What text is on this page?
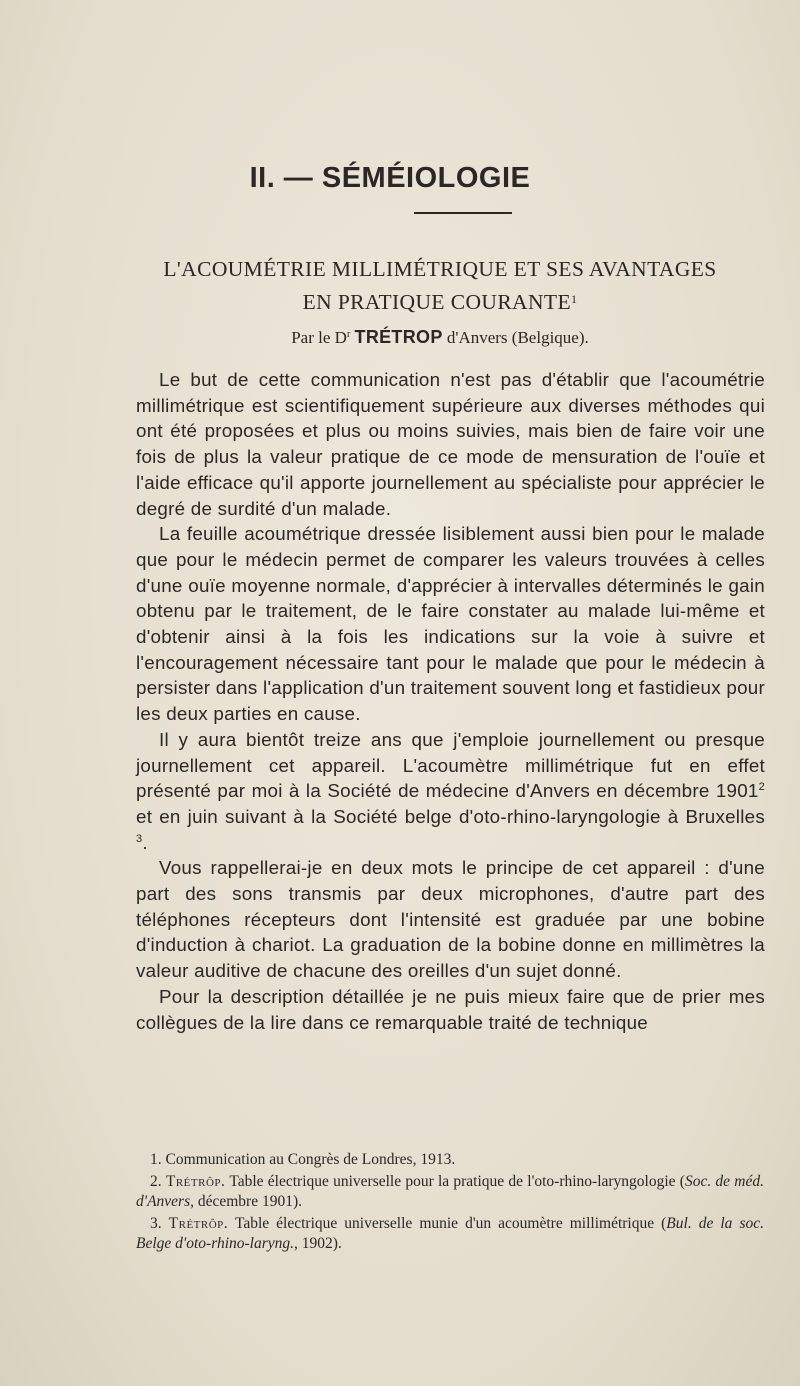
II. — SÉMÉIOLOGIE
L'ACOUMÉTRIE MILLIMÉTRIQUE ET SES AVANTAGES
EN PRATIQUE COURANTE$^1$
Par le $D^r$ TRÉTROP d'Anvers (Belgique).

Le but de cette communication n'est pas d'établir que l'acoumétrie millimétrique est scientifiquement supérieure aux diverses méthodes qui ont été proposées et plus ou moins suivies, mais bien de faire voir une fois de plus la valeur pratique de ce mode de mensuration de l'ouïe et l'aide efficace qu'il apporte journellement au spécialiste pour apprécier le degré de surdité d'un malade.

La feuille acoumétrique dressée lisiblement aussi bien pour le malade que pour le médecin permet de comparer les valeurs trouvées à celles d'une ouïe moyenne normale, d'apprécier à intervalles déterminés le gain obtenu par le traitement, de le faire constater au malade lui-même et d'obtenir ainsi à la fois les indications sur la voie à suivre et l'encouragement nécessaire tant pour le malade que pour le médecin à persister dans l'application d'un traitement souvent long et fastidieux pour les deux parties en cause.

Il y aura bientôt treize ans que j'emploie journellement ou presque journellement cet appareil. L'acoumètre millimétrique fut en effet présenté par moi à la Société de médecine d'Anvers en décembre 1901$^2$ et en juin suivant à la Société belge d'oto-rhino-laryngologie à Bruxelles $^3$.

Vous rappellerai-je en deux mots le principe de cet appareil : d'une part des sons transmis par deux microphones, d'autre part des téléphones récepteurs dont l'intensité est graduée par une bobine d'induction à chariot. La graduation de la bobine donne en millimètres la valeur auditive de chacune des oreilles d'un sujet donné.

Pour la description détaillée je ne puis mieux faire que de prier mes collègues de la lire dans ce remarquable traité de technique

1. Communication au Congrès de Londres, 1913.

2. Trétrôp. Table électrique universelle pour la pratique de l'oto-rhino-laryngologie (Soc. de méd. d'Anvers, décembre 1901).

3. Trétrôp. Table électrique universelle munie d'un acoumètre millimétrique (Bul. de la soc. Belge d'oto-rhino-laryng., 1902).
